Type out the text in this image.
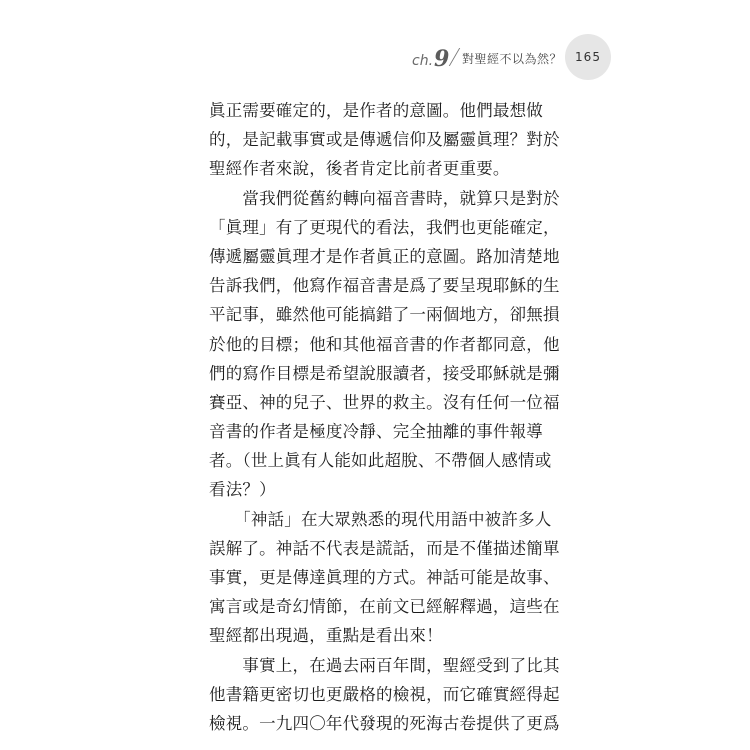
ch.9 對聖經不以為然？	165
眞正需要確定的，是作者的意圖。他們最想做
的，是記載事實或是傳遞信仰及屬靈眞理？對於
聖經作者來說，後者肯定比前者更重要。
　　當我們從舊約轉向福音書時，就算只是對於
「眞理」有了更現代的看法，我們也更能確定，
傳遞屬靈眞理才是作者眞正的意圖。路加清楚地
告訴我們，他寫作福音書是爲了要呈現耶穌的生
平記事，雖然他可能搞錯了一兩個地方，卻無損
於他的目標；他和其他福音書的作者都同意，他
們的寫作目標是希望說服讀者，接受耶穌就是彌
賽亞、神的兒子、世界的救主。沒有任何一位福
音書的作者是極度冷靜、完全抽離的事件報導
者。（世上眞有人能如此超脫、不帶個人感情或
看法？）
　　「神話」在大眾熟悉的現代用語中被許多人
誤解了。神話不代表是謊話，而是不僅描述簡單
事實，更是傳達眞理的方式。神話可能是故事、
寓言或是奇幻情節，在前文已經解釋過，這些在
聖經都出現過，重點是看出來！
　　事實上，在過去兩百年間，聖經受到了比其
他書籍更密切也更嚴格的檢視，而它確實經得起
檢視。一九四〇年代發現的死海古卷提供了更爲
